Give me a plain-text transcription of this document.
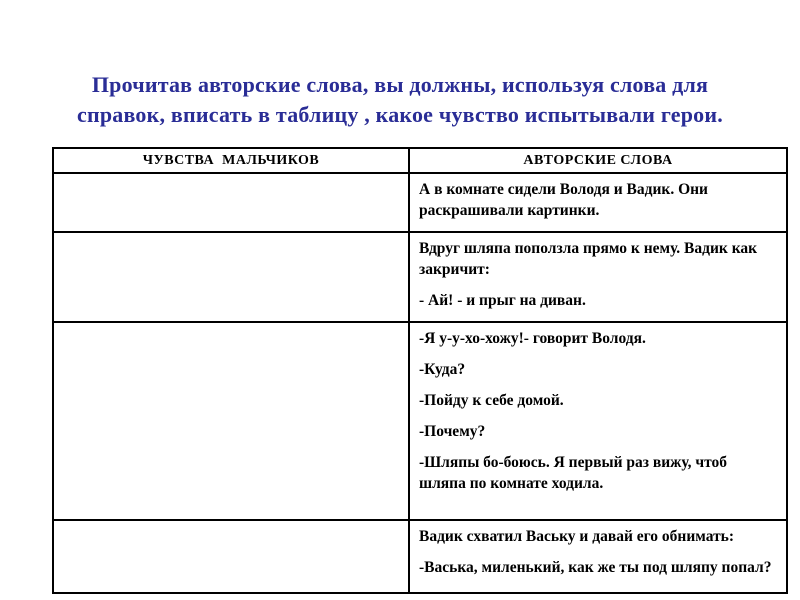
Прочитав авторские слова, вы должны, используя слова для
справок, вписать в таблицу , какое чувство испытывали герои.
ЧУВСТВА  МАЛЬЧИКОВ	АВТОРСКИЕ СЛОВА

	А в комнате сидели Володя и Вадик. Они раскрашивали картинки.

	Вдруг шляпа поползла прямо к нему. Вадик как закричит:

- Ай! - и прыг на диван.

	-Я у-у-хо-хожу!- говорит Володя.

-Куда?

-Пойду к себе домой.

-Почему?

-Шляпы бо-боюсь. Я первый раз вижу, чтоб шляпа по комнате ходила.

	Вадик схватил Ваську и давай его обнимать:

-Васька, миленький, как же ты под шляпу попал?
